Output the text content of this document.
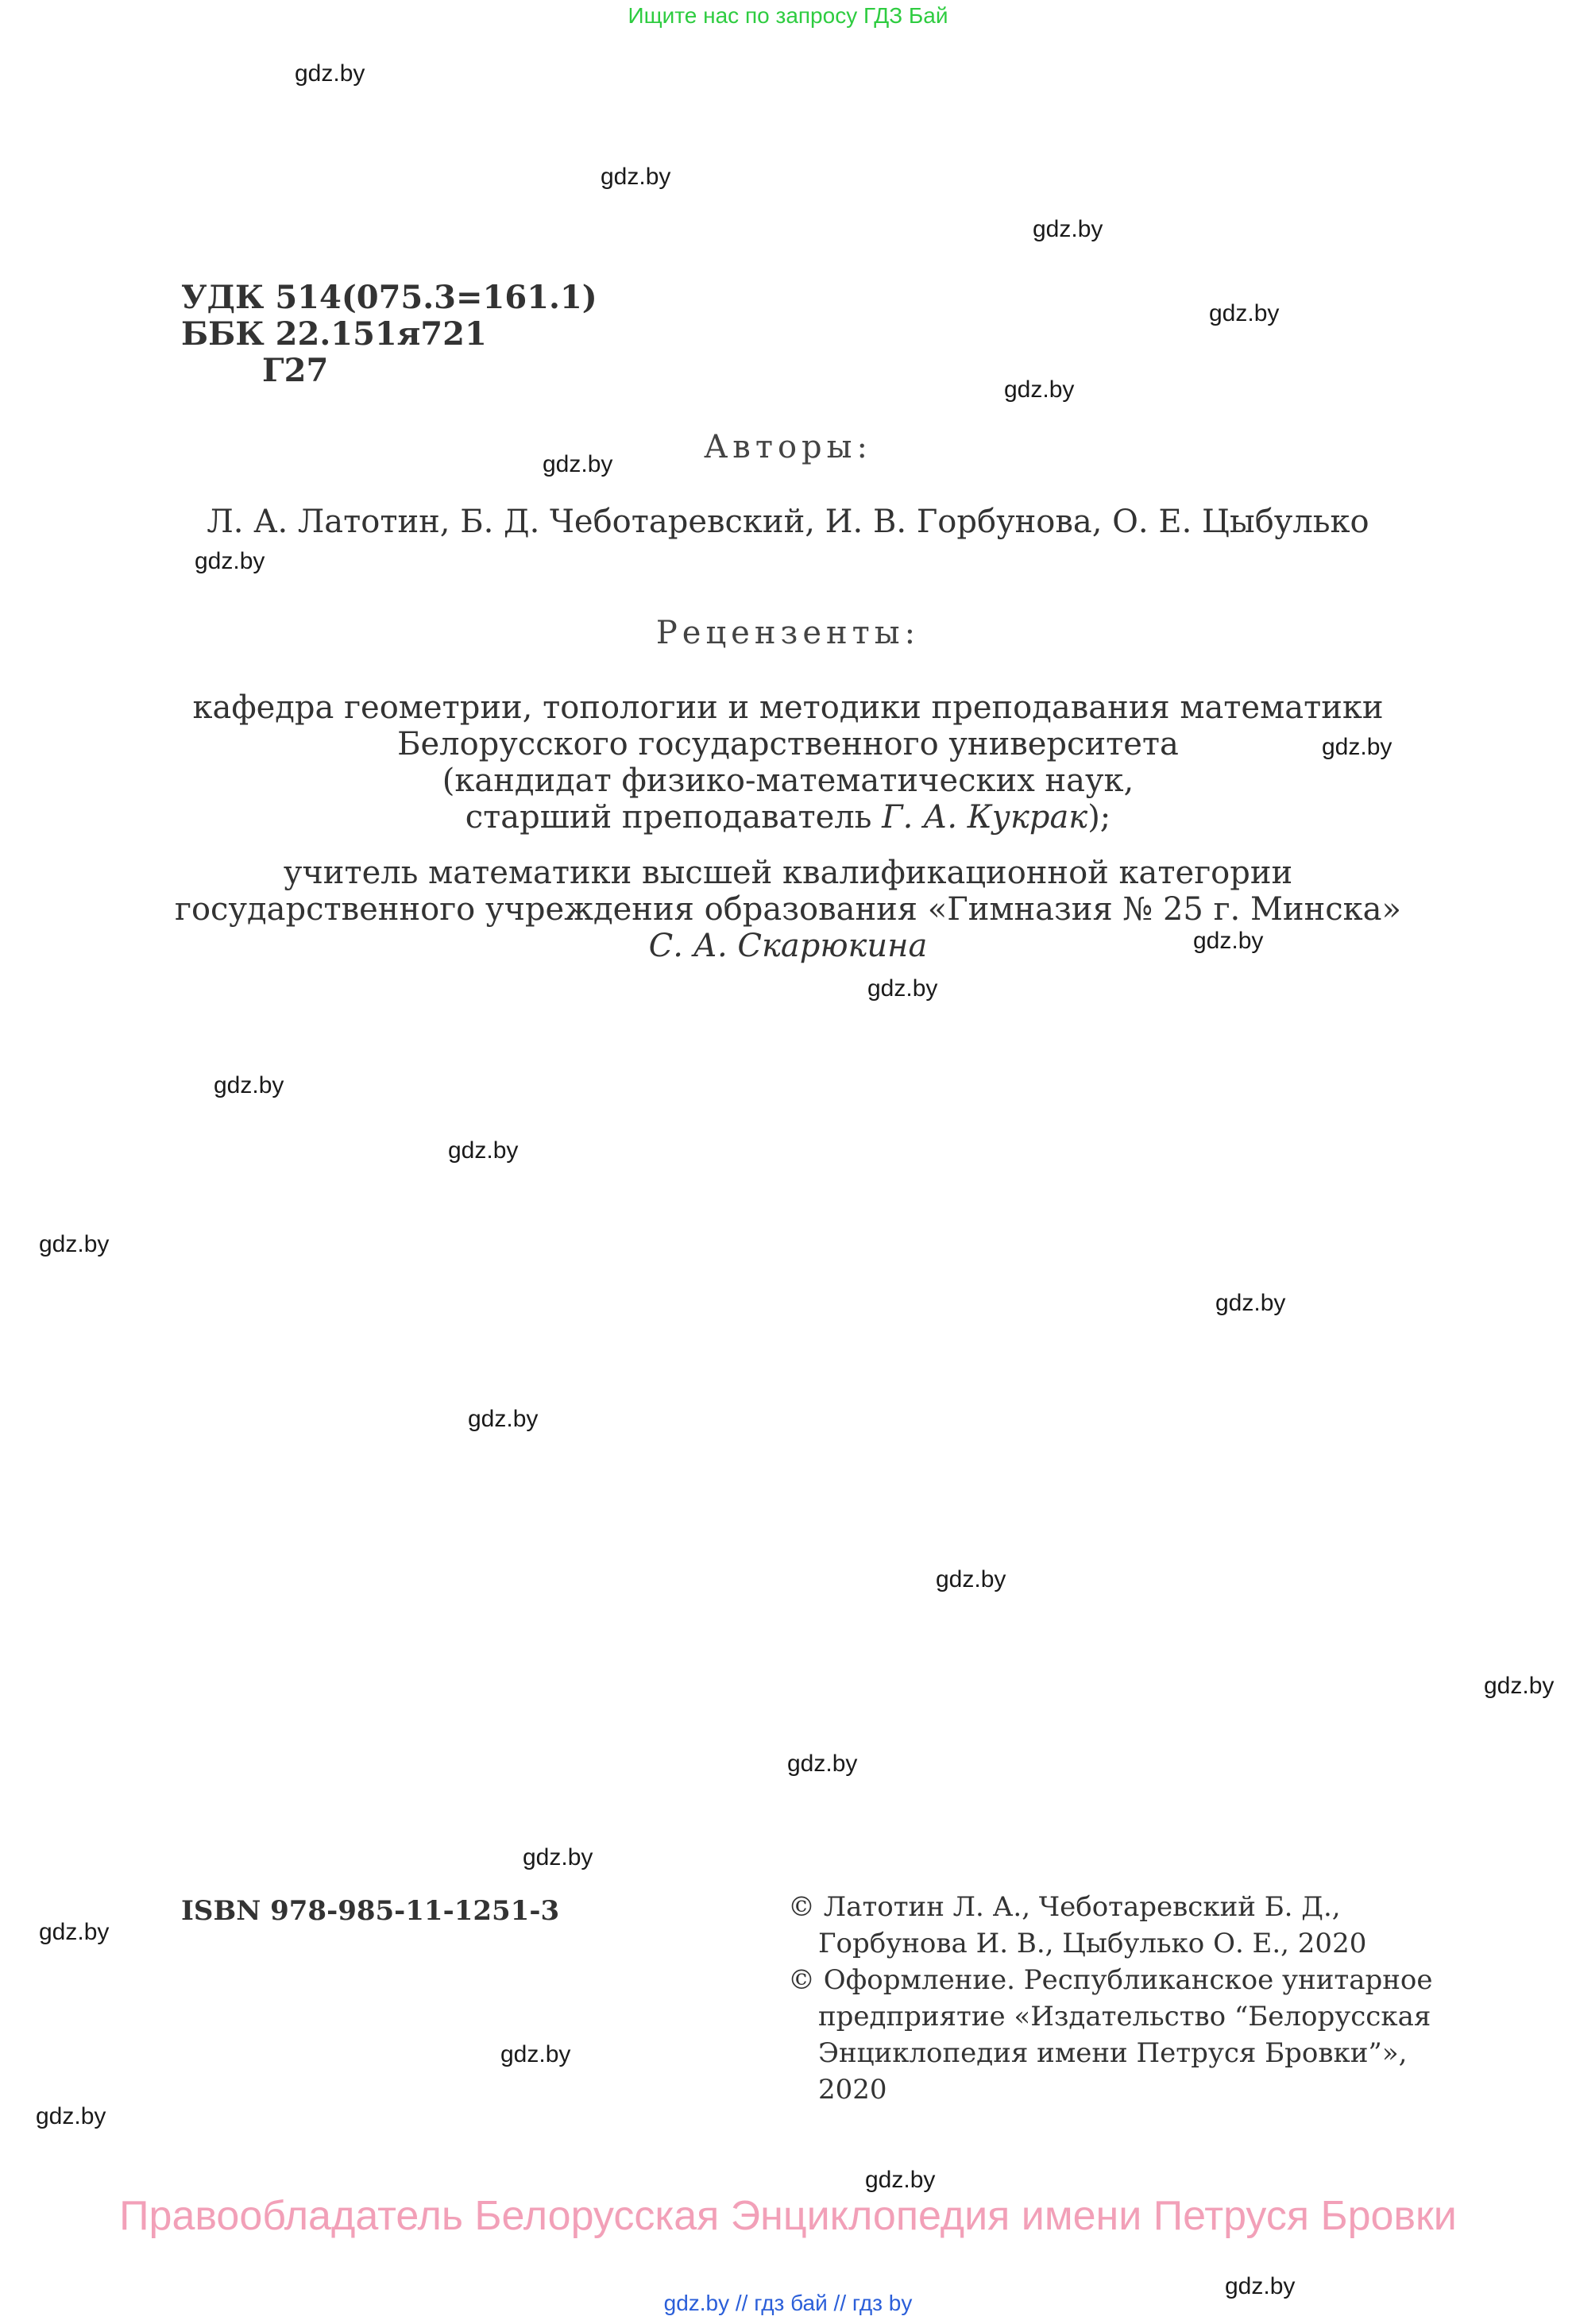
Ищите нас по запросу ГДЗ Бай
gdz.by
gdz.by
gdz.by
gdz.by
gdz.by
gdz.by
gdz.by
gdz.by
gdz.by
gdz.by
gdz.by
gdz.by
gdz.by
gdz.by
gdz.by
gdz.by
gdz.by
gdz.by
gdz.by
gdz.by
gdz.by
gdz.by
gdz.by
gdz.by
УДК 514(075.3=161.1)
ББК 22.151я721
Г27
Авторы:
Л. А. Латотин, Б. Д. Чеботаревский, И. В. Горбунова, О. Е. Цыбулько
Рецензенты:
кафедра геометрии, топологии и методики преподавания математики
Белорусского государственного университета
(кандидат физико-математических наук,
старший преподаватель Г. А. Кукрак);
учитель математики высшей квалификационной категории
государственного учреждения образования «Гимназия № 25 г. Минска»
С. А. Скарюкина
ISBN 978-985-11-1251-3	© Латотин Л. А., Чеботаревский Б. Д.,
Горбунова И. В., Цыбулько О. Е., 2020
© Оформление. Республиканское унитарное
предприятие «Издательство “Белорусская
Энциклопедия имени Петруся Бровки”»,
2020
Правообладатель Белорусская Энциклопедия имени Петруся Бровки
gdz.by // гдз бай // гдз by
